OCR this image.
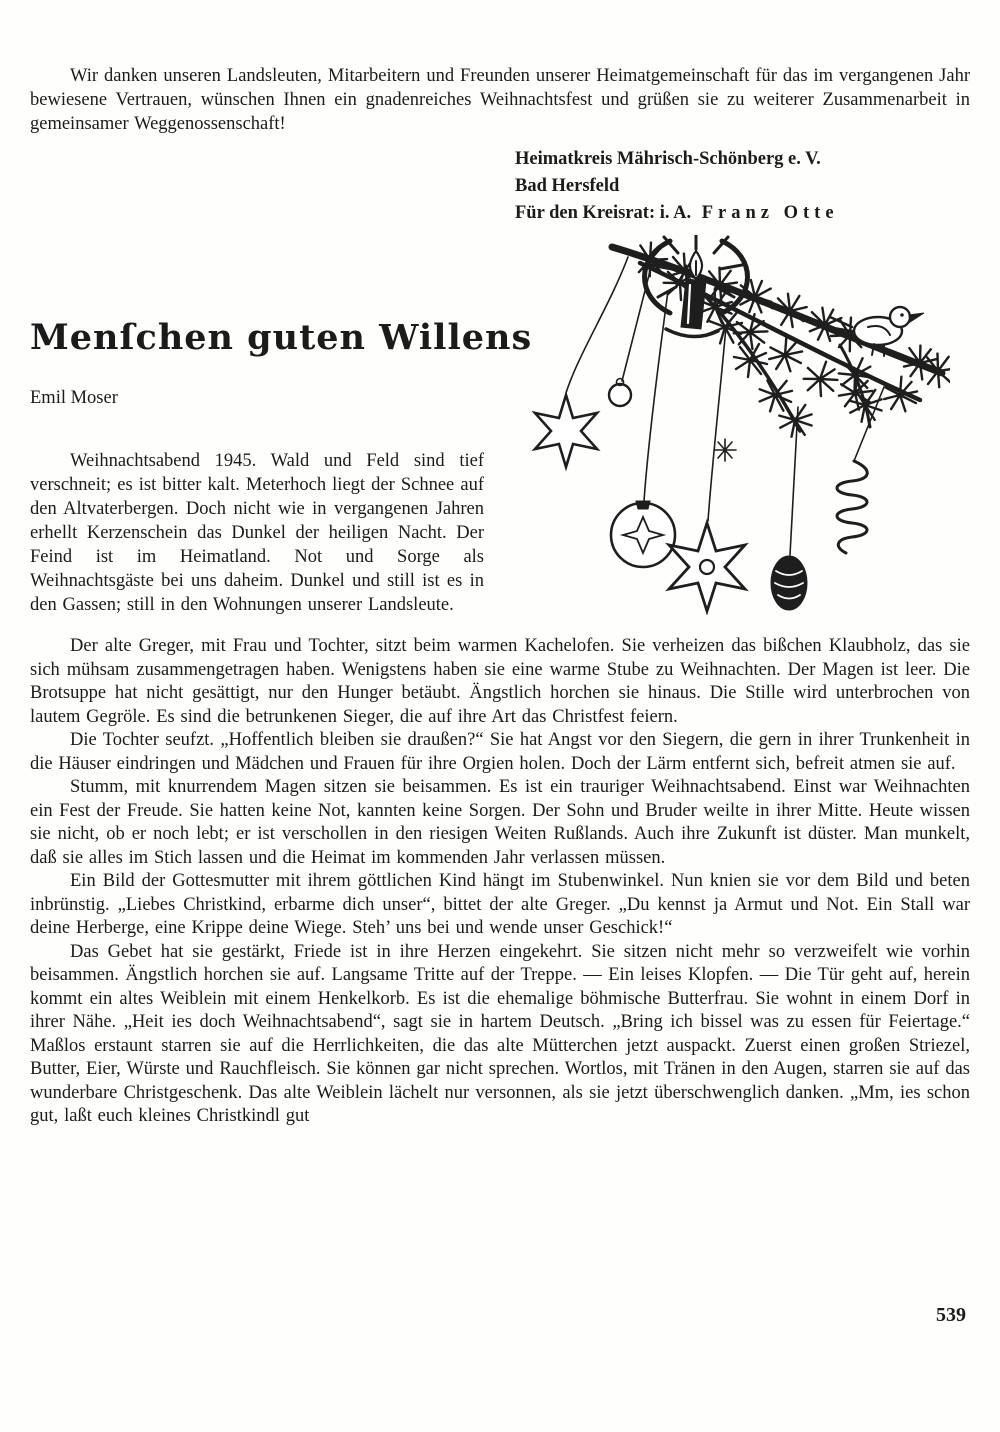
Wir danken unseren Landsleuten, Mitarbeitern und Freunden unserer Heimatgemeinschaft für das im vergangenen Jahr bewiesene Vertrauen, wünschen Ihnen ein gnadenreiches Weihnachtsfest und grüßen sie zu weiterer Zusammenarbeit in gemeinsamer Weggenossenschaft!

Heimatkreis Mährisch-Schönberg e. V.
Bad Hersfeld
Für den Kreisrat: i. A. Franz Otte
Menſchen guten Willens
Emil Moser

Weihnachtsabend 1945. Wald und Feld sind tief verschneit; es ist bitter kalt. Meterhoch liegt der Schnee auf den Altvaterbergen. Doch nicht wie in vergangenen Jahren erhellt Kerzenschein das Dunkel der heiligen Nacht. Der Feind ist im Heimatland. Not und Sorge als Weihnachtsgäste bei uns daheim. Dunkel und still ist es in den Gassen; still in den Wohnungen unserer Landsleute.

Der alte Greger, mit Frau und Tochter, sitzt beim warmen Kachelofen. Sie verheizen das bißchen Klaubholz, das sie sich mühsam zusammengetragen haben. Wenigstens haben sie eine warme Stube zu Weihnachten. Der Magen ist leer. Die Brotsuppe hat nicht gesättigt, nur den Hunger betäubt. Ängstlich horchen sie hinaus. Die Stille wird unterbrochen von lautem Gegröle. Es sind die betrunkenen Sieger, die auf ihre Art das Christfest feiern.

Die Tochter seufzt. „Hoffentlich bleiben sie draußen?“ Sie hat Angst vor den Siegern, die gern in ihrer Trunkenheit in die Häuser eindringen und Mädchen und Frauen für ihre Orgien holen. Doch der Lärm entfernt sich, befreit atmen sie auf.

Stumm, mit knurrendem Magen sitzen sie beisammen. Es ist ein trauriger Weihnachtsabend. Einst war Weihnachten ein Fest der Freude. Sie hatten keine Not, kannten keine Sorgen. Der Sohn und Bruder weilte in ihrer Mitte. Heute wissen sie nicht, ob er noch lebt; er ist verschollen in den riesigen Weiten Rußlands. Auch ihre Zukunft ist düster. Man munkelt, daß sie alles im Stich lassen und die Heimat im kommenden Jahr verlassen müssen.

Ein Bild der Gottesmutter mit ihrem göttlichen Kind hängt im Stubenwinkel. Nun knien sie vor dem Bild und beten inbrünstig. „Liebes Christkind, erbarme dich unser“, bittet der alte Greger. „Du kennst ja Armut und Not. Ein Stall war deine Herberge, eine Krippe deine Wiege. Steh’ uns bei und wende unser Geschick!“

Das Gebet hat sie gestärkt, Friede ist in ihre Herzen eingekehrt. Sie sitzen nicht mehr so verzweifelt wie vorhin beisammen. Ängstlich horchen sie auf. Langsame Tritte auf der Treppe. — Ein leises Klopfen. — Die Tür geht auf, herein kommt ein altes Weiblein mit einem Henkelkorb. Es ist die ehemalige böhmische Butterfrau. Sie wohnt in einem Dorf in ihrer Nähe. „Heit ies doch Weihnachtsabend“, sagt sie in hartem Deutsch. „Bring ich bissel was zu essen für Feiertage.“ Maßlos erstaunt starren sie auf die Herrlichkeiten, die das alte Mütterchen jetzt auspackt. Zuerst einen großen Striezel, Butter, Eier, Würste und Rauchfleisch. Sie können gar nicht sprechen. Wortlos, mit Tränen in den Augen, starren sie auf das wunderbare Christgeschenk. Das alte Weiblein lächelt nur versonnen, als sie jetzt überschwenglich danken. „Mm, ies schon gut, laßt euch kleines Christkindl gut

539
